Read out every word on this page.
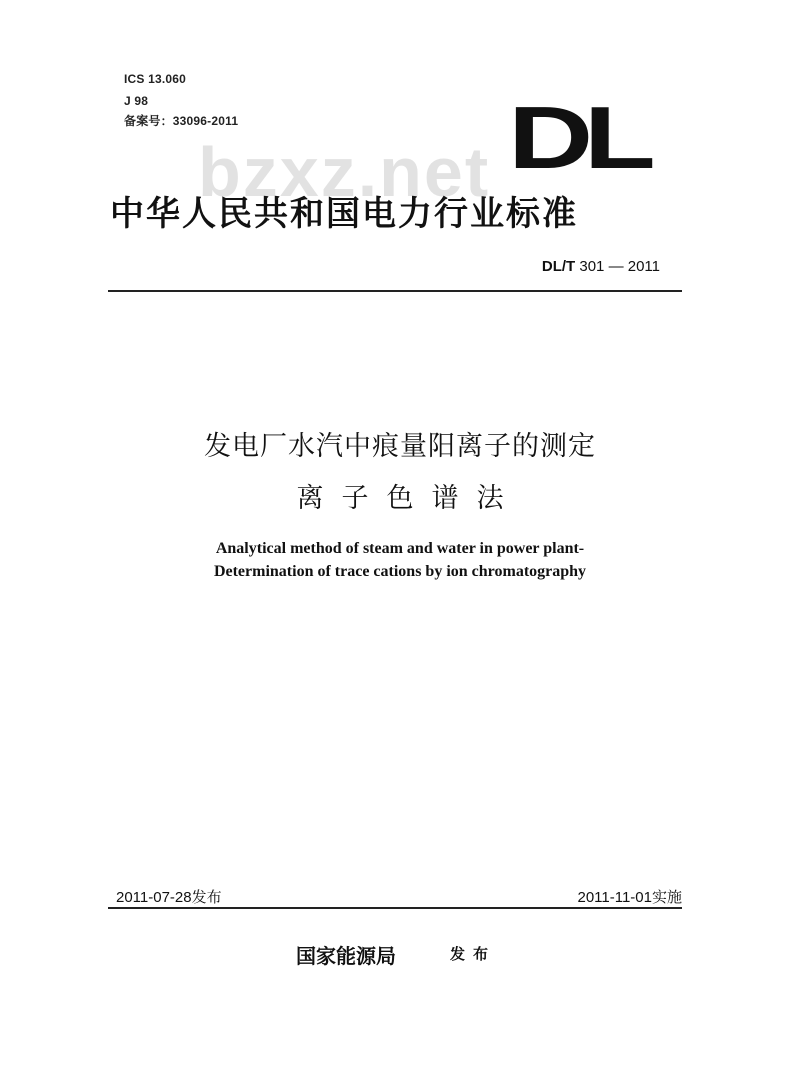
ICS 13.060
J 98
备案号：33096-2011	DL
bzxz.net
中华人民共和国电力行业标准
DL/T 301 — 2011
发电厂水汽中痕量阳离子的测定
离子色谱法
Analytical method of steam and water in power plant-
Determination of trace cations by ion chromatography
2011-07-28发布	2011-11-01实施
国家能源局	发布
